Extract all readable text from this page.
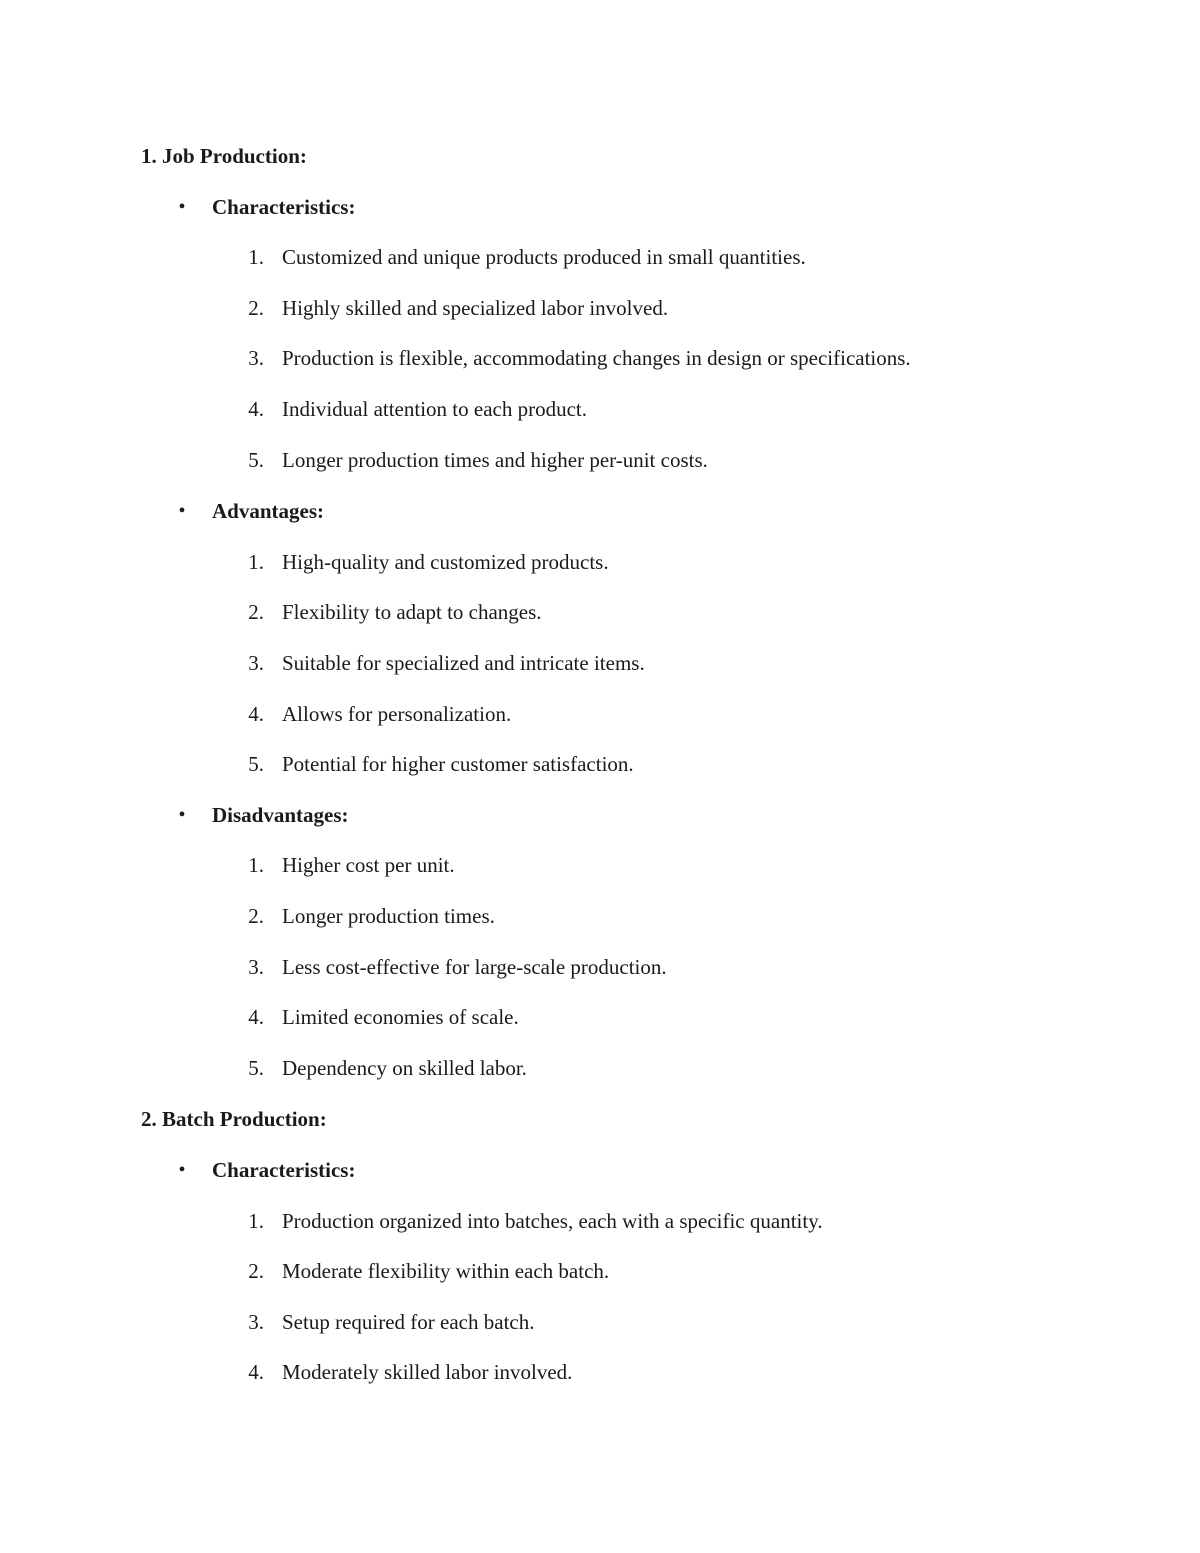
1. Job Production:
•	Characteristics:
1. Customized and unique products produced in small quantities.
2. Highly skilled and specialized labor involved.
3. Production is flexible, accommodating changes in design or specifications.
4. Individual attention to each product.
5. Longer production times and higher per-unit costs.
•	Advantages:
1. High-quality and customized products.
2. Flexibility to adapt to changes.
3. Suitable for specialized and intricate items.
4. Allows for personalization.
5. Potential for higher customer satisfaction.
•	Disadvantages:
1. Higher cost per unit.
2. Longer production times.
3. Less cost-effective for large-scale production.
4. Limited economies of scale.
5. Dependency on skilled labor.
2. Batch Production:
•	Characteristics:
1. Production organized into batches, each with a specific quantity.
2. Moderate flexibility within each batch.
3. Setup required for each batch.
4. Moderately skilled labor involved.
